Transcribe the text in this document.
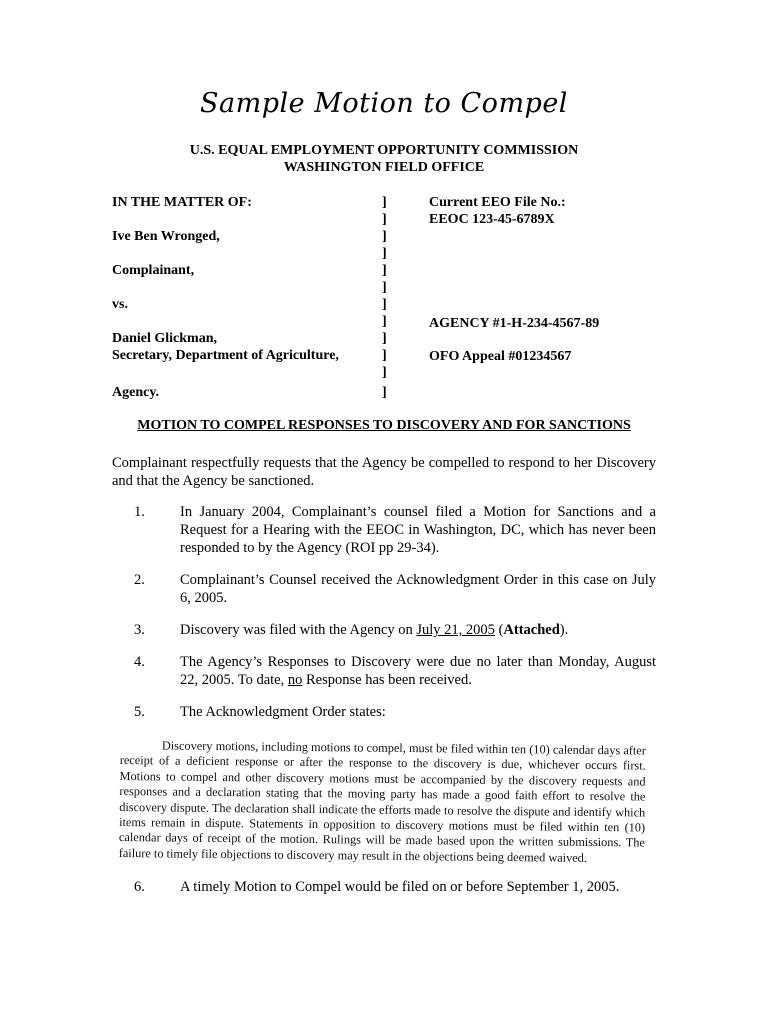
Sample Motion to Compel
U.S. EQUAL EMPLOYMENT OPPORTUNITY COMMISSION
WASHINGTON FIELD OFFICE
IN THE MATTER OF:
Ive Ben Wronged,
Complainant,
vs.
Daniel Glickman,
Secretary, Department of Agriculture,
Agency.
]
]
]
]
]
]
]
]
]
]
]
]
Current EEO File No.:
EEOC 123-45-6789X
AGENCY #1-H-234-4567-89
OFO Appeal #01234567
MOTION TO COMPEL RESPONSES TO DISCOVERY AND FOR SANCTIONS
Complainant respectfully requests that the Agency be compelled to respond to her Discovery and that the Agency be sanctioned.
1. In January 2004, Complainant’s counsel filed a Motion for Sanctions and a Request for a Hearing with the EEOC in Washington, DC, which has never been responded to by the Agency (ROI pp 29-34).
2. Complainant’s Counsel received the Acknowledgment Order in this case on July 6, 2005.
3. Discovery was filed with the Agency on July 21, 2005 (Attached).
4. The Agency’s Responses to Discovery were due no later than Monday, August 22, 2005. To date, no Response has been received.
5. The Acknowledgment Order states:
Discovery motions, including motions to compel, must be filed within ten (10) calendar days after receipt of a deficient response or after the response to the discovery is due, whichever occurs first. Motions to compel and other discovery motions must be accompanied by the discovery requests and responses and a declaration stating that the moving party has made a good faith effort to resolve the discovery dispute. The declaration shall indicate the efforts made to resolve the dispute and identify which items remain in dispute. Statements in opposition to discovery motions must be filed within ten (10) calendar days of receipt of the motion. Rulings will be made based upon the written submissions. The failure to timely file objections to discovery may result in the objections being deemed waived.
6. A timely Motion to Compel would be filed on or before September 1, 2005.
